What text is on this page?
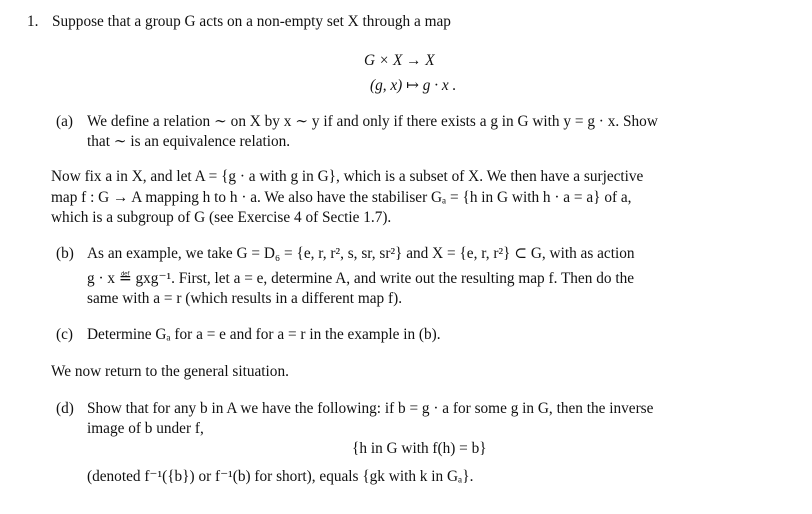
1. Suppose that a group G acts on a non-empty set X through a map
G × X → X
(g, x) ↦ g · x .
(a) We define a relation ∼ on X by x ∼ y if and only if there exists a g in G with y = g · x. Show
that ∼ is an equivalence relation.
Now fix a in X, and let A = {g · a with g in G}, which is a subset of X. We then have a surjective
map f : G → A mapping h to h · a. We also have the stabiliser Gₐ = {h in G with h · a = a} of a,
which is a subgroup of G (see Exercise 4 of Sectie 1.7).
(b) As an example, we take G = D₆ = {e, r, r², s, sr, sr²} and X = {e, r, r²} ⊂ G, with as action
g · x ≝ gxg⁻¹. First, let a = e, determine A, and write out the resulting map f. Then do the
same with a = r (which results in a different map f).
(c) Determine Gₐ for a = e and for a = r in the example in (b).
We now return to the general situation.
(d) Show that for any b in A we have the following: if b = g · a for some g in G, then the inverse
image of b under f,
{h in G with f(h) = b}
(denoted f⁻¹({b}) or f⁻¹(b) for short), equals {gk with k in Gₐ}.
